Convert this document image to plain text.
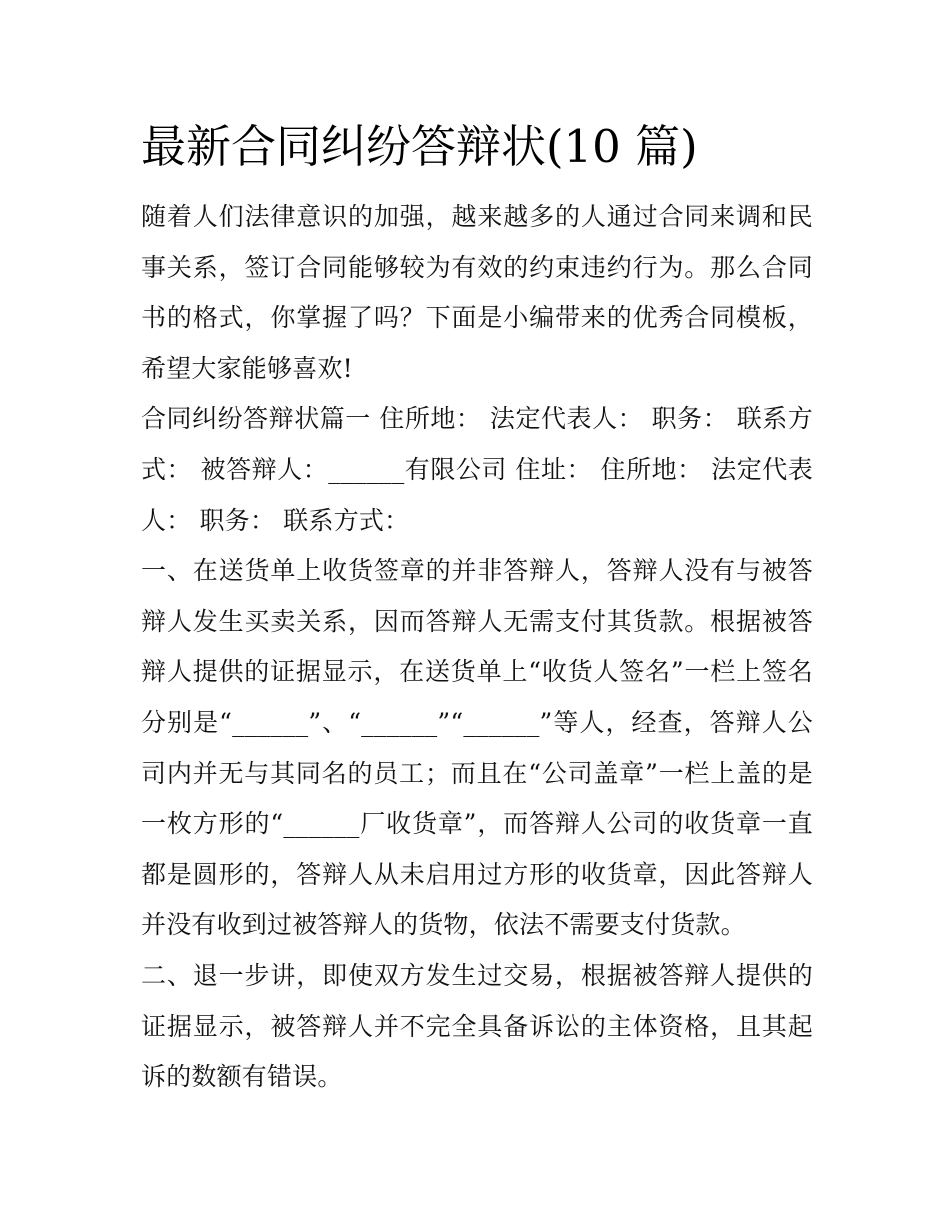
最新合同纠纷答辩状(10 篇)

随着人们法律意识的加强，越来越多的人通过合同来调和民事关系，签订合同能够较为有效的约束违约行为。那么合同书的格式，你掌握了吗？下面是小编带来的优秀合同模板，希望大家能够喜欢!

合同纠纷答辩状篇一 住所地： 法定代表人： 职务： 联系方式： 被答辩人：______有限公司 住址： 住所地： 法定代表人： 职务： 联系方式：

一、在送货单上收货签章的并非答辩人，答辩人没有与被答辩人发生买卖关系，因而答辩人无需支付其货款。根据被答辩人提供的证据显示，在送货单上“收货人签名”一栏上签名分别是“______”、“______”“______”等人，经查，答辩人公司内并无与其同名的员工；而且在“公司盖章”一栏上盖的是一枚方形的“______厂收货章”，而答辩人公司的收货章一直都是圆形的，答辩人从未启用过方形的收货章，因此答辩人并没有收到过被答辩人的货物，依法不需要支付货款。

二、退一步讲，即使双方发生过交易，根据被答辩人提供的证据显示，被答辩人并不完全具备诉讼的主体资格，且其起诉的数额有错误。
